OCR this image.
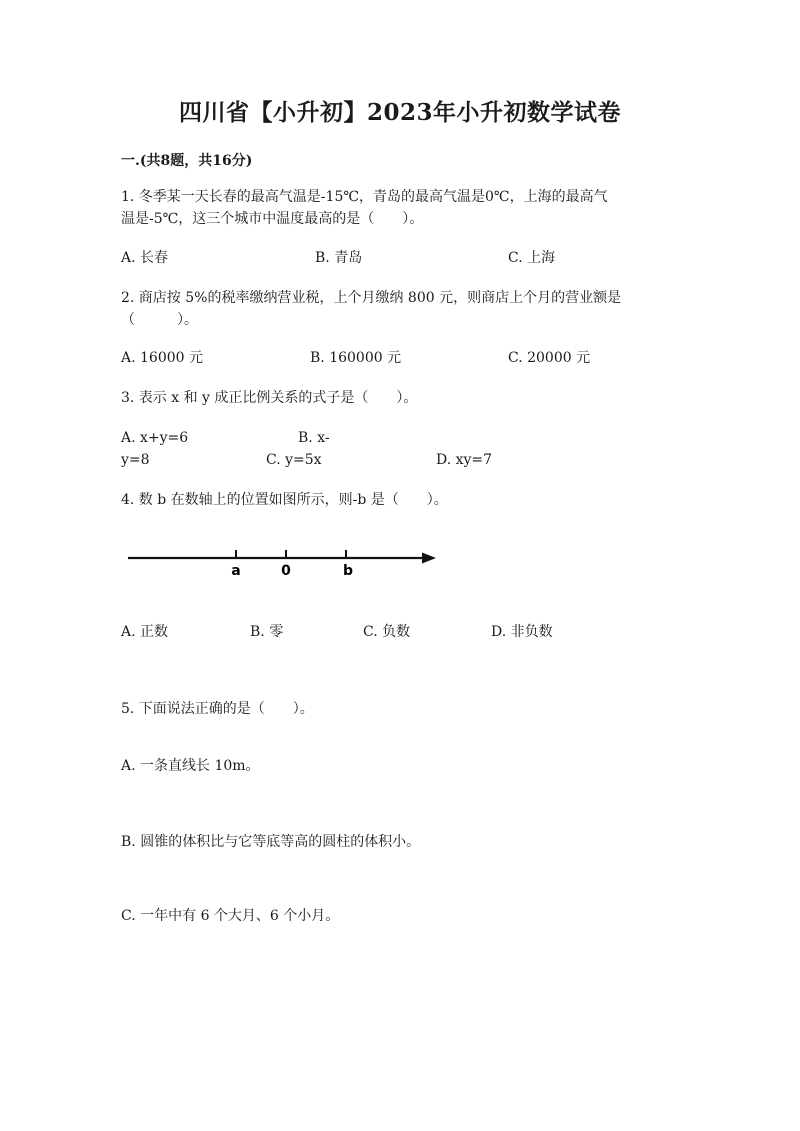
四川省【小升初】2023年小升初数学试卷
一.(共8题，共16分)
1. 冬季某一天长春的最高气温是-15℃，青岛的最高气温是0℃，上海的最高气
温是-5℃，这三个城市中温度最高的是（　　）。
A. 长春	B. 青岛	C. 上海
2. 商店按 5%的税率缴纳营业税，上个月缴纳 800 元，则商店上个月的营业额是
（　　　）。
A. 16000 元	B. 160000 元	C. 20000 元
3. 表示 x 和 y 成正比例关系的式子是（　　）。
A. x+y=6	B. x-
y=8	C. y=5x	D. xy=7
4. 数 b 在数轴上的位置如图所示，则-b 是（　　）。
a	0	b
A. 正数	B. 零	C. 负数	D. 非负数
5. 下面说法正确的是（　　）。
A. 一条直线长 10m。
B. 圆锥的体积比与它等底等高的圆柱的体积小。
C. 一年中有 6 个大月、6 个小月。
